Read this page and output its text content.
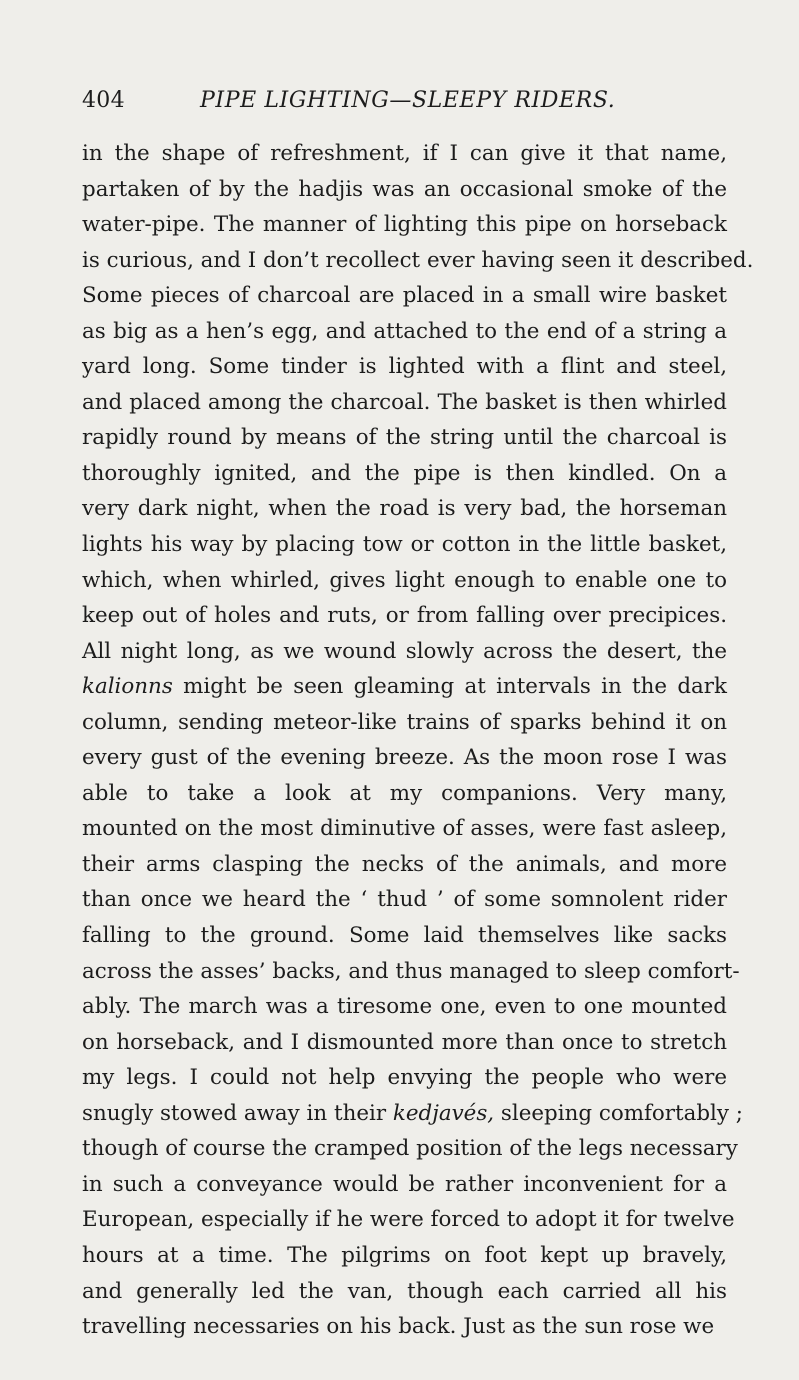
404	PIPE LIGHTING—SLEEPY RIDERS.
in the shape of refreshment, if I can give it that name,
partaken of by the hadjis was an occasional smoke of the
water-pipe. The manner of lighting this pipe on horseback
is curious, and I don’t recollect ever having seen it described.
Some pieces of charcoal are placed in a small wire basket
as big as a hen’s egg, and attached to the end of a string a
yard long. Some tinder is lighted with a flint and steel,
and placed among the charcoal. The basket is then whirled
rapidly round by means of the string until the charcoal is
thoroughly ignited, and the pipe is then kindled. On a
very dark night, when the road is very bad, the horseman
lights his way by placing tow or cotton in the little basket,
which, when whirled, gives light enough to enable one to
keep out of holes and ruts, or from falling over precipices.
All night long, as we wound slowly across the desert, the
kalionns might be seen gleaming at intervals in the dark
column, sending meteor-like trains of sparks behind it on
every gust of the evening breeze. As the moon rose I was
able to take a look at my companions. Very many,
mounted on the most diminutive of asses, were fast asleep,
their arms clasping the necks of the animals, and more
than once we heard the ‘ thud ’ of some somnolent rider
falling to the ground. Some laid themselves like sacks
across the asses’ backs, and thus managed to sleep comfort-
ably. The march was a tiresome one, even to one mounted
on horseback, and I dismounted more than once to stretch
my legs. I could not help envying the people who were
snugly stowed away in their kedjavés, sleeping comfortably ;
though of course the cramped position of the legs necessary
in such a conveyance would be rather inconvenient for a
European, especially if he were forced to adopt it for twelve
hours at a time. The pilgrims on foot kept up bravely,
and generally led the van, though each carried all his
travelling necessaries on his back. Just as the sun rose we
